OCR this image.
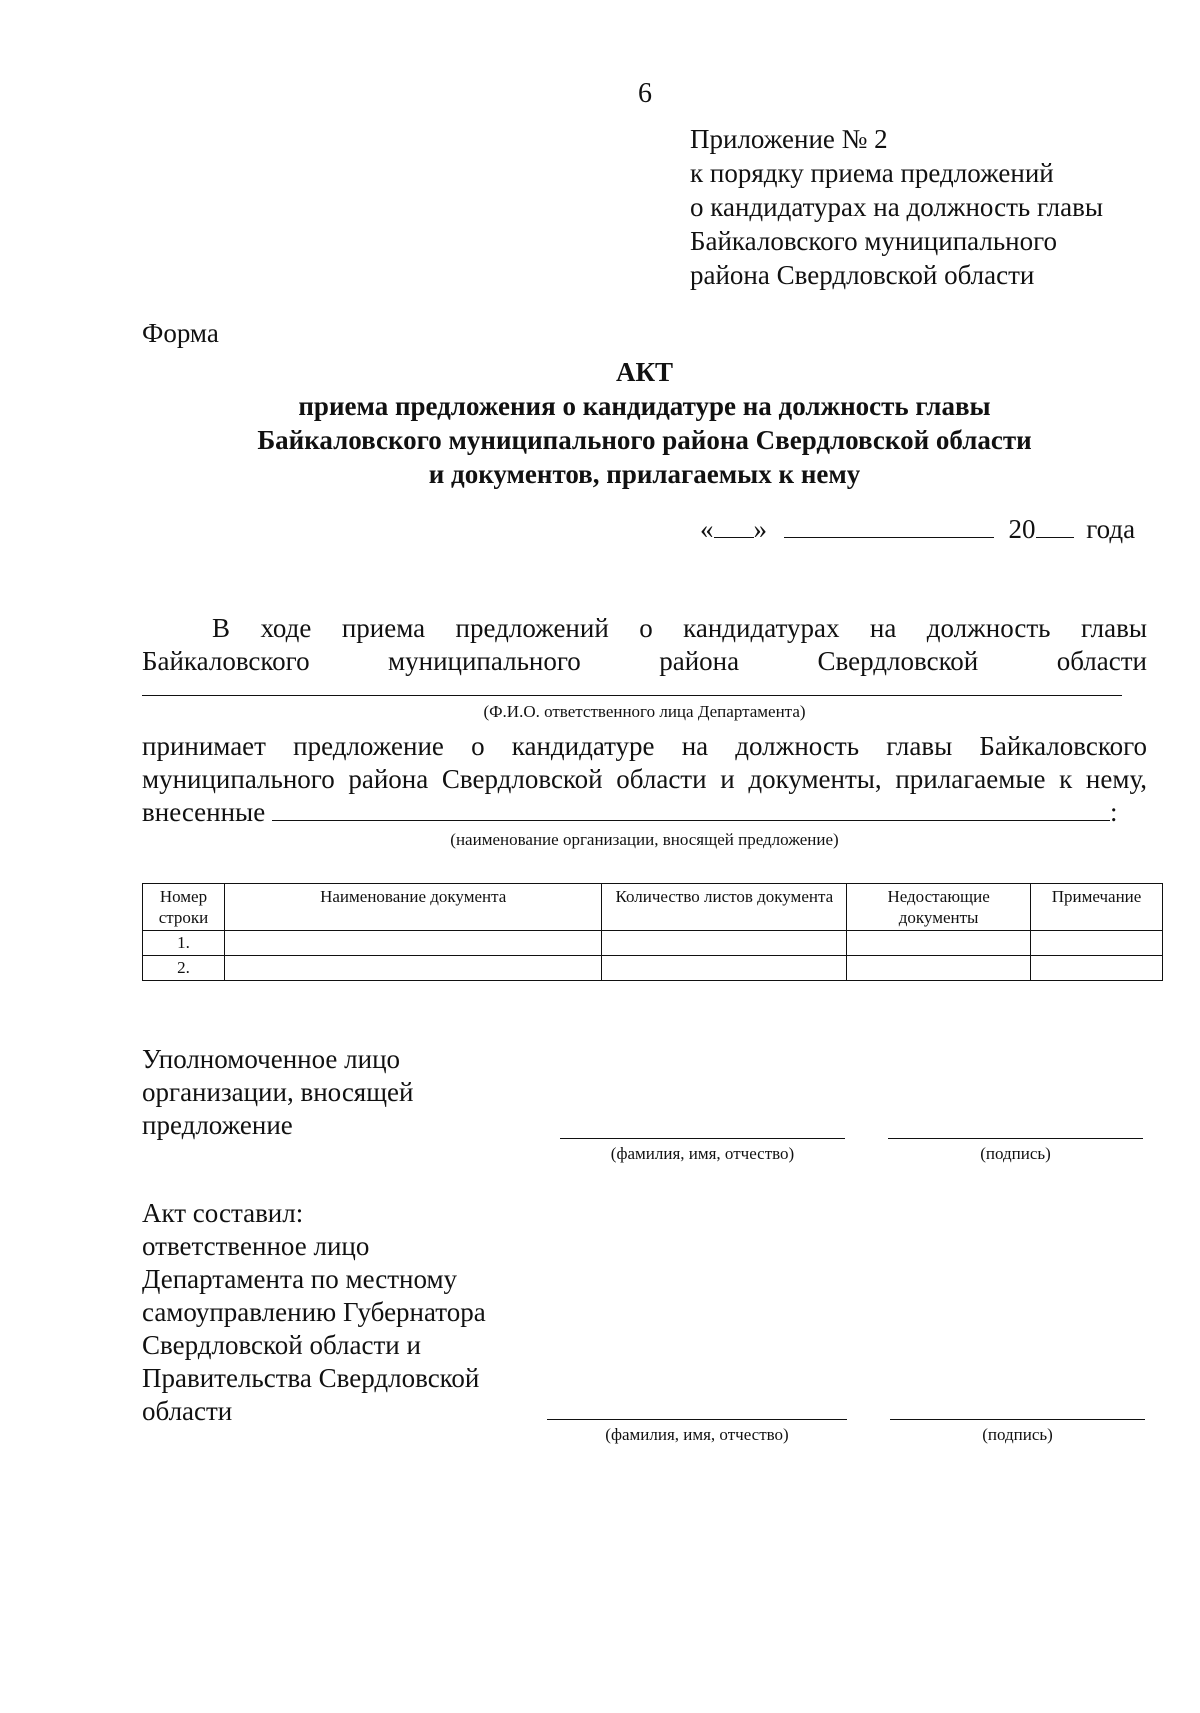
6
Приложение № 2
к порядку приема предложений
о кандидатурах на должность главы
Байкаловского муниципального
района Свердловской области
Форма
АКТ
приема предложения о кандидатуре на должность главы
Байкаловского муниципального района Свердловской области
и документов, прилагаемых к нему
« »	20 года
В ходе приема предложений о кандидатурах на должность главы
Байкаловского муниципального района Свердловской области
(Ф.И.О. ответственного лица Департамента)
принимает предложение о кандидатуре на должность главы Байкаловского
муниципального района Свердловской области и документы, прилагаемые к нему,
внесенные	:
(наименование организации, вносящей предложение)
Номер строки	Наименование документа	Количество листов документа	Недостающие документы	Примечание
1.				
2.				
Уполномоченное лицо
организации, вносящей
предложение
(фамилия, имя, отчество)	(подпись)
Акт составил:
ответственное лицо
Департамента по местному
самоуправлению Губернатора
Свердловской области и
Правительства Свердловской
области
(фамилия, имя, отчество)	(подпись)
